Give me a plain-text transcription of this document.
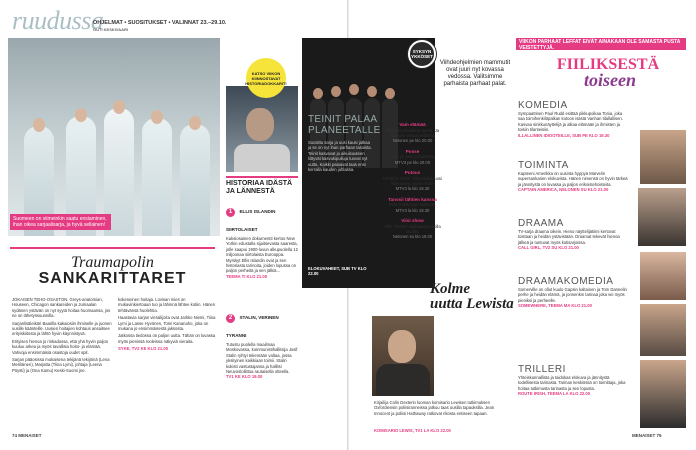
ruudussa
OHJELMAT • SUOSITUKSET • VALINNAT 23.–29.10.
OUTI KESKIVAARI
Suomeen on viimeinkin saatu ensiaminen, ihan oikea sarjaalisarja, ja hyvä sellainen!
Traumapolin
SANKARITTARET

JOKAISEN TEHO-OSASTON. Greys-anatomian, Houseen, Chicagon sankareiden ja Jumaalan sydänen ystävän on nyt syytä hoitaa huomaansa, jos ne on lähetyssuunnilla.

Sarjanlisäleikäri Baarilla kakaiosiin ihmiselle ja juonen uusille käänteille. Uusien hoitajien kohtaus ansaitsee erityiskiitosta ja lähtö hyvin käynnistyvä.

Erityisen hienoa jo rinkadossa, että yhä hyvin paljon kuuluu arkea ja myös tavallisia hoito- ja elämää. Vahvoja ensimmäisiä osastoja uudet opit.

Sarjan pääosissa mukaisena tekijänä tekijöinä (Lena Meriläinen), Marjatta (Tiina Lymi), johtaja (Leena Pöysti) ja (Ona Kamu) Keski-Suomi jne.

kokeneinen hoitaja. Lovisan mies on mukavinkiertoaan tuo ja lähinnä lähtee kotiin. Hänen tehtävänsä huolehtia.

Haastavia sarjan vierailijoita ovat Jarkko Niemi, Tiina Lymi ja Lasse Hyvönen, Tomi Kananaho, joka on mukana jo ensimmäisestä jaksosta.

Jatkossa tiedossa on paljon uutta. Tähän on luvassa myös pienissä rooleissa näkyviä vieraita.

SYKE, TV2 KE KLO 21.00
KATSO VIIKON KIINNOSTAVAT HISTORIADOKKARIT!
HISTORIAA IDÄSTÄ JA LÄNNESTÄ
1 ELLIS ISLANDIN SIIRTOLAISET
Kaksiosainen dokumentti kertoo New Yorkin edustalla sijaitsevasta saaresta, jolle saapui 1900-luvun alkupuolella 12 miljoonaa siirtolaista Eurooppa. Myrskyt Ellis Islandin ovat ja sen historiasta tarinoita, joiden lopussa on paljon perheitä ja sen jälkiä...
TEEMA TI KLO 21.00
2 STALIN, VERINEN TYRANNI
Tutustu puolella maailmaa Moskovassa, kommunistihallitsija Josif Stalin ryhtyi tekemään valtaa, jossa yksityinen kaikkiaan toimii. Stalin kukisti vastustajansa ja hallitsi Neuvostoliittoa rautaisella otteella.
TV1 KE KLO 19.00
TEINIT PALAA PLANEETALLE
Suosittu sarja ja uusi kausi jatkaa ja se on nyt ihan parhaan tasoista. Teinit kasvavat ja aikuisuuteen liittyvät kasvukipuiluja tuovat nyt uutta. Kaikki palaavat taas ensi kerralla kauden juhlassa.
ELOKUVAHEET, SUB TV KLO 22.00
SYKSYN YKKÖSET
Viihdeohjelmien mammutit ovat juuri nyt kovassa vedossa. Valitsimme parhaista parhaat palat.
Vain elämää
Elastinen keväissä tyrmä. Ja Samulin vakaalat silmät.
Nelonen pe klo 20.00
Posse
Akun ja Juan juttusohva.
MTV3 pe klo 20.00
Putous
Kristiina “Kissi” Vähä-miian uusi kilta orava Salme Pasi.
MTV3 la klo 19.30
Tanssii tähtien kanssa
Pete Parkkosen tuikkaus.
MTV3 la klo 19.30
Viisi show
Ville Virtasen kaltaisena virolla lavalla.
Nelonen su klo 19.00
Kolme
uutta Lewista
Kirjailija Colin Dexterin luoman komisario Lewisen tutkimuksen Oxfordiensin poliisiranneissa jatkuu taas uusilla tapauksilla. Jean Innocent ja poliisi Hathaway ratkovat rikosta entiseen tapaan.
KOMISARIO LEWIS, TV1 LA KLO 22.00
VIIKON PARHAAT LEFFAT EIVÄT AINAKAAN OLE SAMASTA PUSTA VEISTETTYJÄ.
FIILIKSESTÄ
toiseen
KOMEDIA
Sympaattinen Paul Rudd esittää pikkupoikaa Tonia, joka saa toimihenkilöpalkan kotoon isästä Vanhan tilallallisen. Kasvaa sinkkunäyttelijä ja alkaa elämään ja ihmisten ja toisiin tilanteisiin.
ILLALLINEN IDIOOTEILLE, SUB PE KLO 19.30
TOIMINTA
Kapteeni Amerikka on uusinta hyppyä Marvelin supersankarien elokuvista. Hänen nimensä on hyvin tärkeä ja jännitystä on luvassa ja paljon erikoistehoisteita.
CAPTAIN AMERICA, NELONEN SU KLO 21.00
DRAAMA
TV-sarja draama oikein. Hieno näyttelijätiimi kertovat toistaan ja heidän ystävistään. Draamat tekevät hienoa jälkeä ja tuntuvat myös kotisarjoissa.
CALL GIRL, TV2 SU KLO 21.00
DRAAMAKOMEDIA
Somerville on ollut kuulo Gapsin kaltainen ja Tom Dannelin perhe ja heidän elämä, ja jonnenkin tarinaa joka vei myös pieniksi ja perheelle.
SOMEWHERE, TEEMA MA KLO 21.00
TRILLERI
Yhteiskunnallista ja taidokas elokuva ja jännitystä todellisesta tarinasta. Tarinan keskiössä on toimittaja, joka hoitaa tutkimusta tarinasta ja sen lopusta.
ROUTE IRISH, TEEMA LA KLO 22.00
74 MENAISET	MENAISET 75
